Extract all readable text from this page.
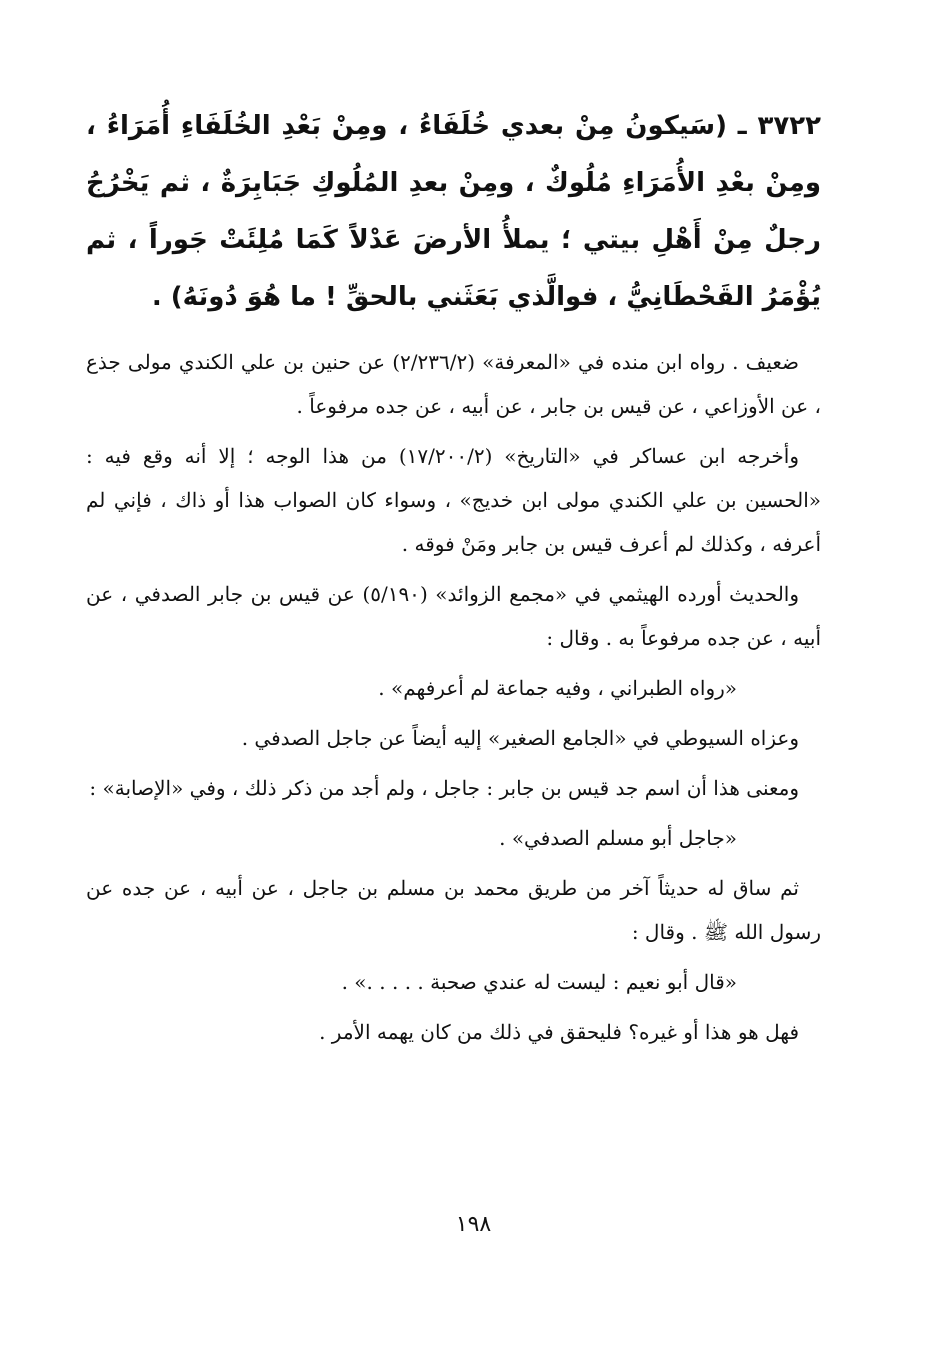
٣٧٢٢ ـ (سَيكونُ مِنْ بعدي خُلَفَاءُ ، ومِنْ بَعْدِ الخُلَفَاءِ أُمَرَاءُ ، ومِنْ بعْدِ الأُمَرَاءِ مُلُوكٌ ، ومِنْ بعدِ المُلُوكِ جَبَابِرَةٌ ، ثم يَخْرُجُ رجلٌ مِنْ أَهْلِ بيتي ؛ يملأُ الأرضَ عَدْلاً كَمَا مُلِئَتْ جَوراً ، ثم يُؤْمَرُ القَحْطَانِيُّ ، فوالَّذي بَعَثَني بالحقِّ ! ما هُوَ دُونَهُ) .

ضعيف . رواه ابن منده في «المعرفة» (٢/٢٣٦/٢) عن حنين بن علي الكندي مولى جذع ، عن الأوزاعي ، عن قيس بن جابر ، عن أبيه ، عن جده مرفوعاً .

وأخرجه ابن عساكر في «التاريخ» (١٧/٢٠٠/٢) من هذا الوجه ؛ إلا أنه وقع فيه : «الحسين بن علي الكندي مولى ابن خديج» ، وسواء كان الصواب هذا أو ذاك ، فإني لم أعرفه ، وكذلك لم أعرف قيس بن جابر ومَنْ فوقه .

والحديث أورده الهيثمي في «مجمع الزوائد» (٥/١٩٠) عن قيس بن جابر الصدفي ، عن أبيه ، عن جده مرفوعاً به . وقال :

«رواه الطبراني ، وفيه جماعة لم أعرفهم» .

وعزاه السيوطي في «الجامع الصغير» إليه أيضاً عن جاجل الصدفي .

ومعنى هذا أن اسم جد قيس بن جابر : جاجل ، ولم أجد من ذكر ذلك ، وفي «الإصابة» :

«جاجل أبو مسلم الصدفي» .

ثم ساق له حديثاً آخر من طريق محمد بن مسلم بن جاجل ، عن أبيه ، عن جده عن رسول الله ﷺ . وقال :

«قال أبو نعيم : ليست له عندي صحبة . . . . .» .

فهل هو هذا أو غيره؟ فليحقق في ذلك من كان يهمه الأمر .

١٩٨
